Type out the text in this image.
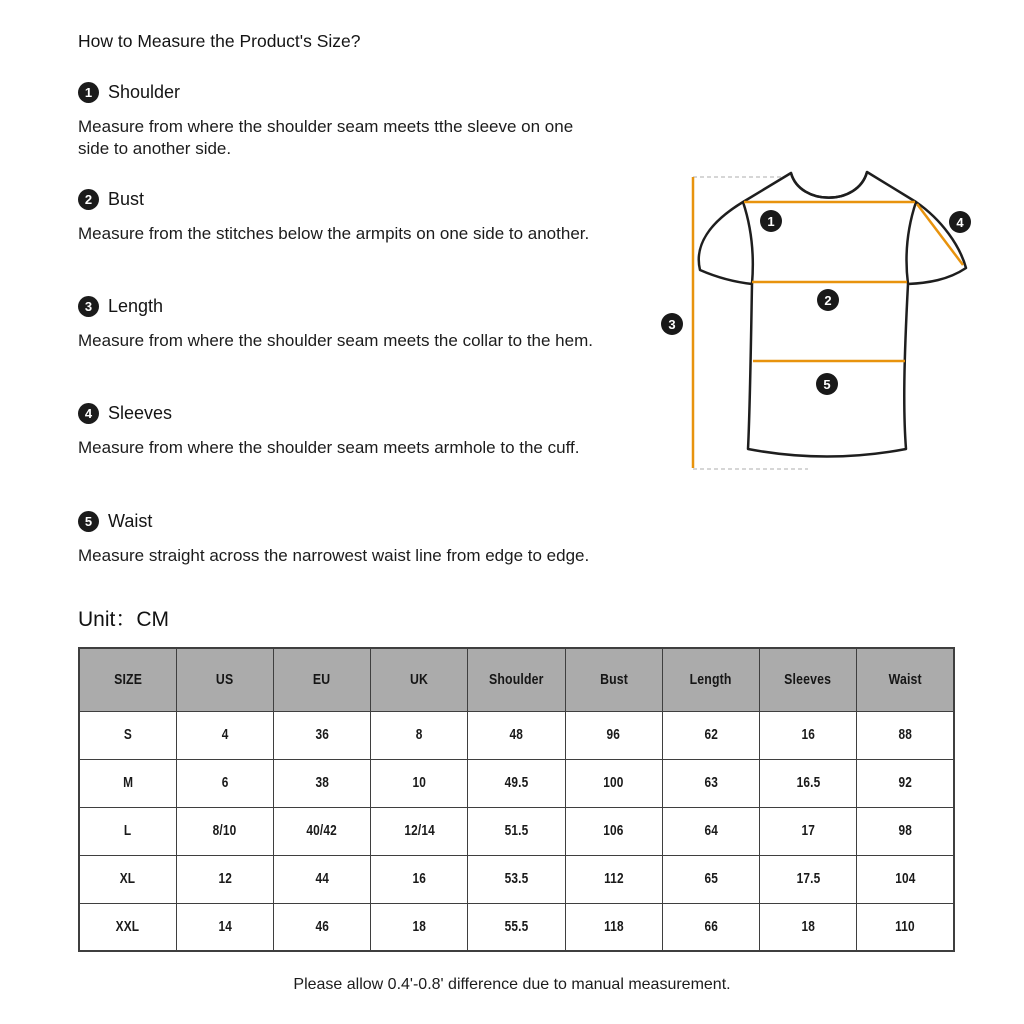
How to Measure the Product's Size?
1 Shoulder

Measure from where the shoulder seam meets tthe sleeve on one side to another side.

2 Bust

Measure from the stitches below the armpits on one side to another.

3 Length

Measure from where the shoulder seam meets the collar to the hem.

4 Sleeves

Measure from where the shoulder seam meets armhole to the cuff.

5 Waist

Measure straight across the narrowest waist line from edge to edge.

1
2
3
4
5
Unit：CM
SIZE	US	EU	UK	Shoulder	Bust	Length	Sleeves	Waist
S	4	36	8	48	96	62	16	88
M	6	38	10	49.5	100	63	16.5	92
L	8/10	40/42	12/14	51.5	106	64	17	98
XL	12	44	16	53.5	112	65	17.5	104
XXL	14	46	18	55.5	118	66	18	110
Please allow 0.4'-0.8' difference due to manual measurement.
